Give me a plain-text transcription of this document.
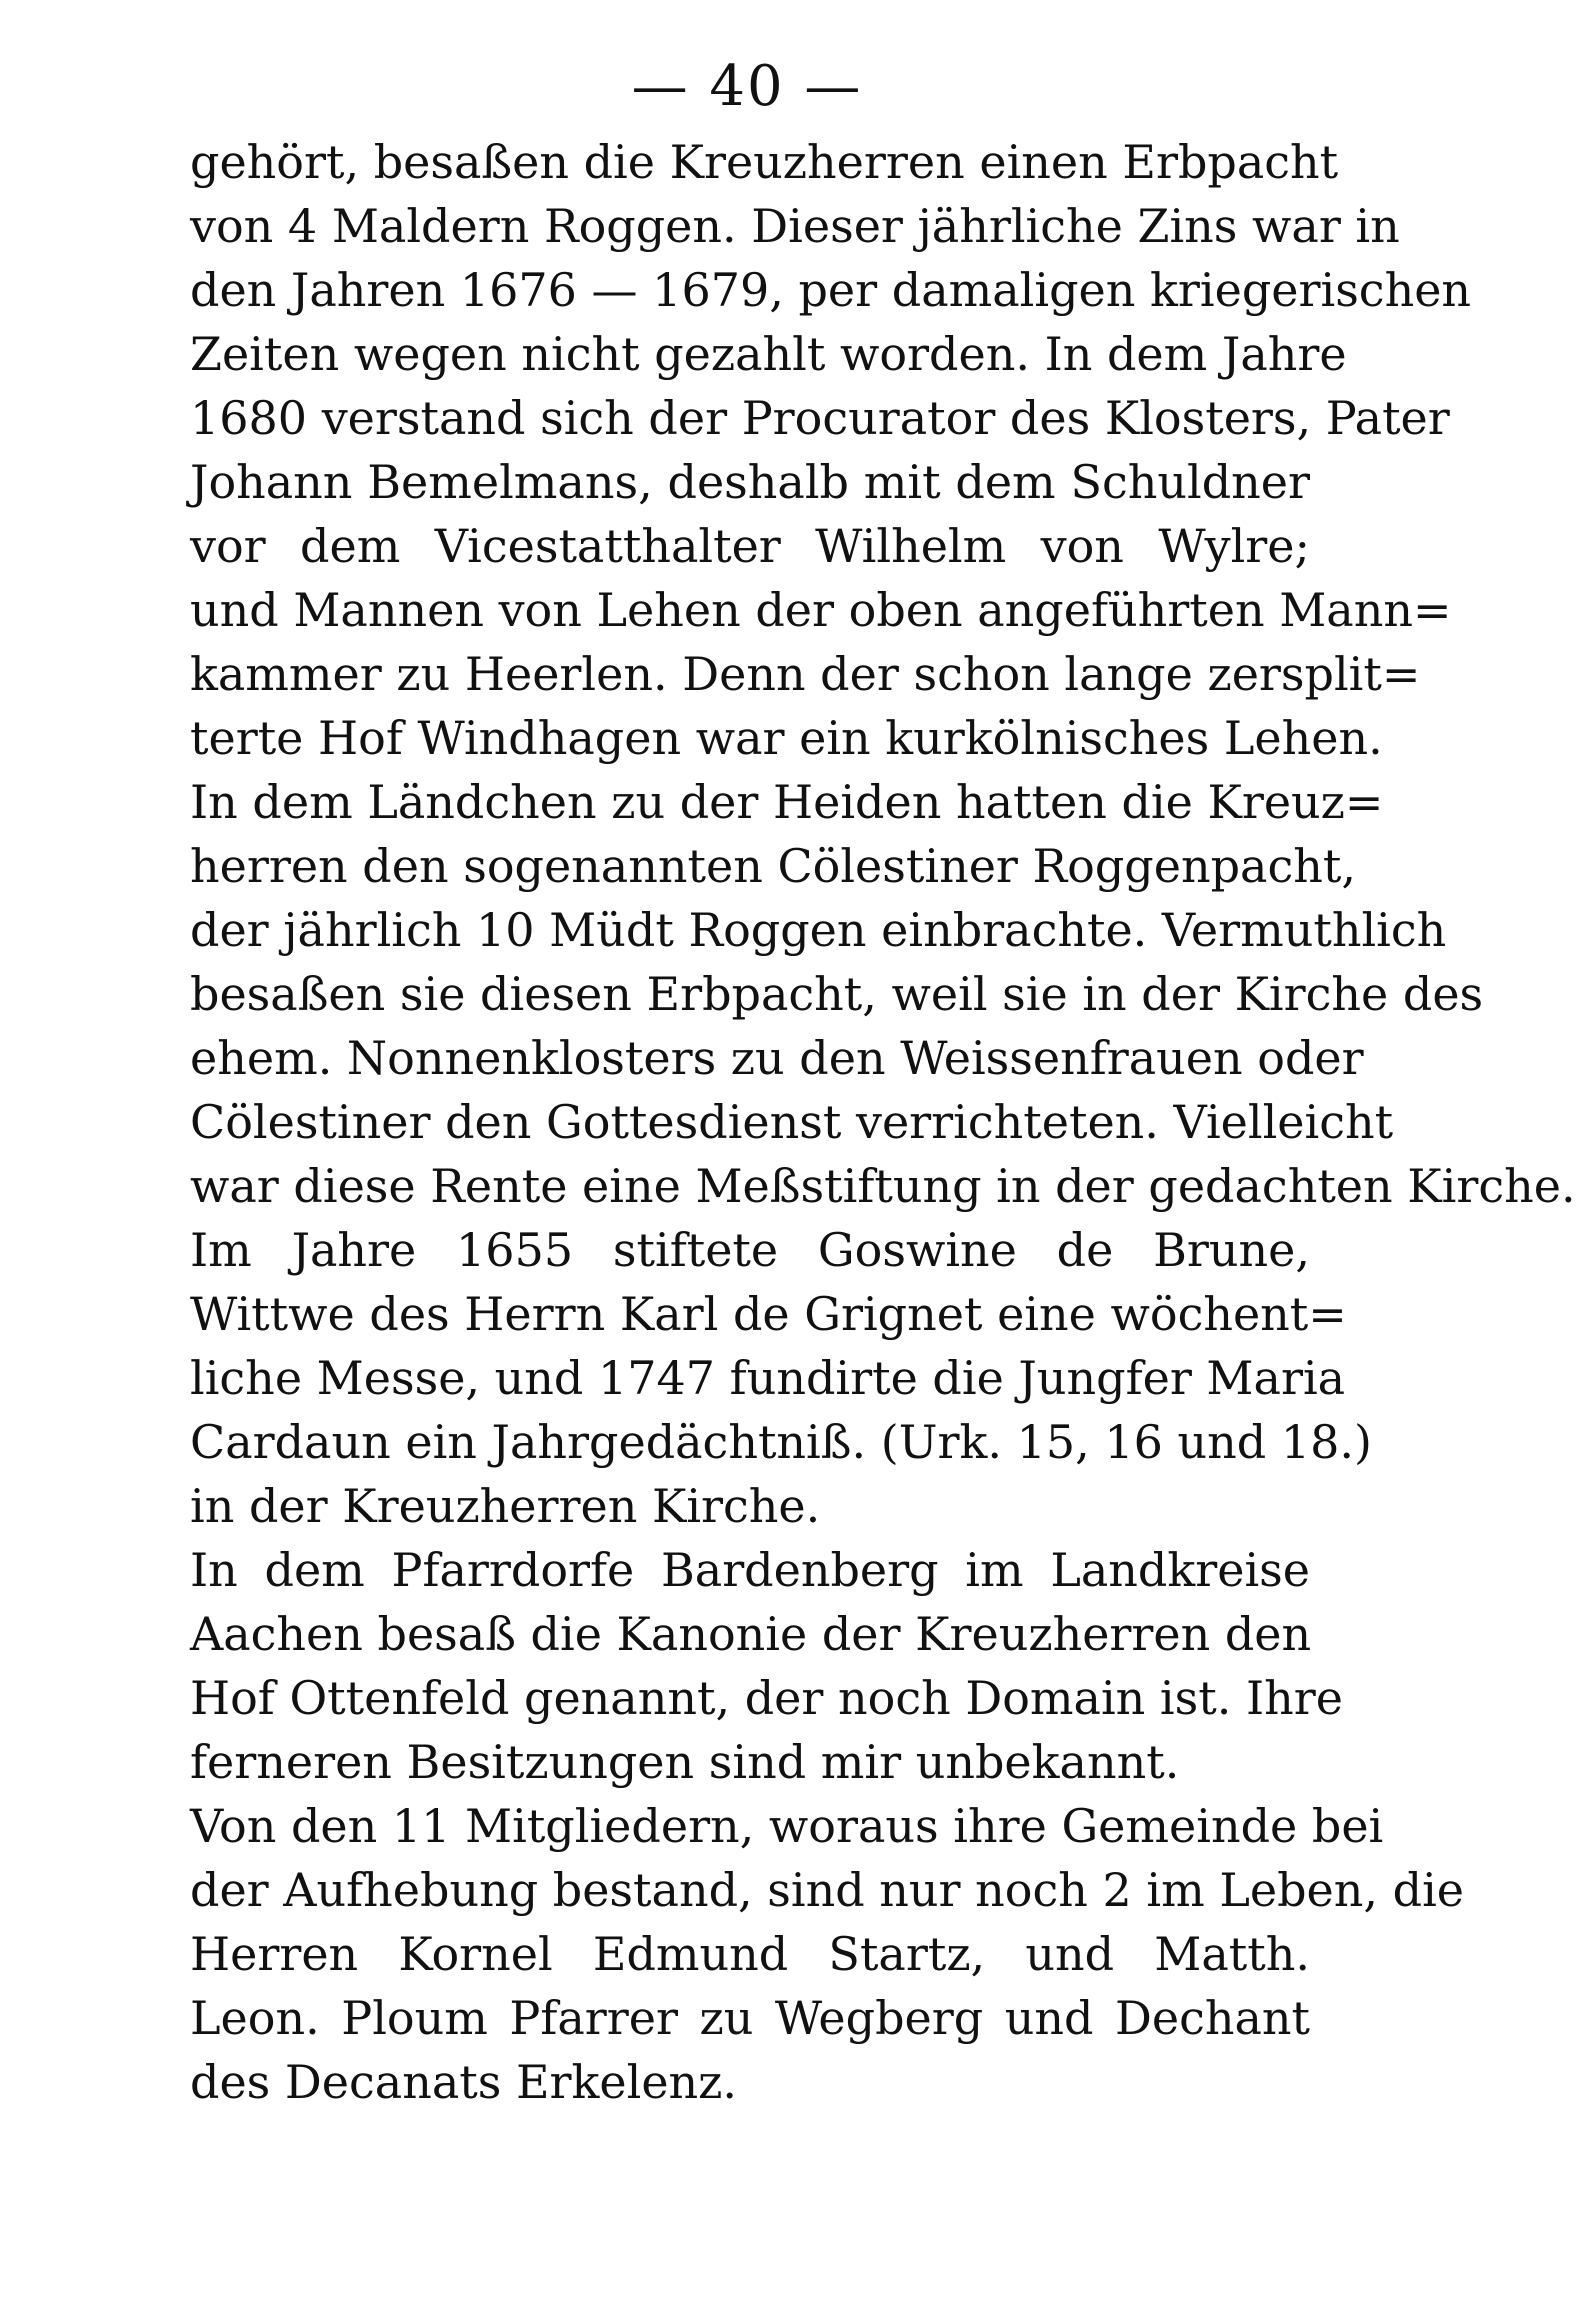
— 40 —
gehört, besaßen die Kreuzherren einen Erbpacht
von 4 Maldern Roggen. Dieser jährliche Zins war in
den Jahren 1676 — 1679, per damaligen kriegerischen
Zeiten wegen nicht gezahlt worden. In dem Jahre
1680 verstand sich der Procurator des Klosters, Pater
Johann Bemelmans, deshalb mit dem Schuldner
vor dem Vicestatthalter Wilhelm von Wylre;
und Mannen von Lehen der oben angeführten Mann=
kammer zu Heerlen. Denn der schon lange zersplit=
terte Hof Windhagen war ein kurkölnisches Lehen.
In dem Ländchen zu der Heiden hatten die Kreuz=
herren den sogenannten Cölestiner Roggenpacht,
der jährlich 10 Müdt Roggen einbrachte. Vermuthlich
besaßen sie diesen Erbpacht, weil sie in der Kirche des
ehem. Nonnenklosters zu den Weissenfrauen oder
Cölestiner den Gottesdienst verrichteten. Vielleicht
war diese Rente eine Meßstiftung in der gedachten Kirche.
Im Jahre 1655 stiftete Goswine de Brune,
Wittwe des Herrn Karl de Grignet eine wöchent=
liche Messe, und 1747 fundirte die Jungfer Maria
Cardaun ein Jahrgedächtniß. (Urk. 15, 16 und 18.)
in der Kreuzherren Kirche.
In dem Pfarrdorfe Bardenberg im Landkreise
Aachen besaß die Kanonie der Kreuzherren den
Hof Ottenfeld genannt, der noch Domain ist. Ihre
ferneren Besitzungen sind mir unbekannt.
Von den 11 Mitgliedern, woraus ihre Gemeinde bei
der Aufhebung bestand, sind nur noch 2 im Leben, die
Herren Kornel Edmund Startz, und Matth.
Leon. Ploum Pfarrer zu Wegberg und Dechant
des Decanats Erkelenz.
